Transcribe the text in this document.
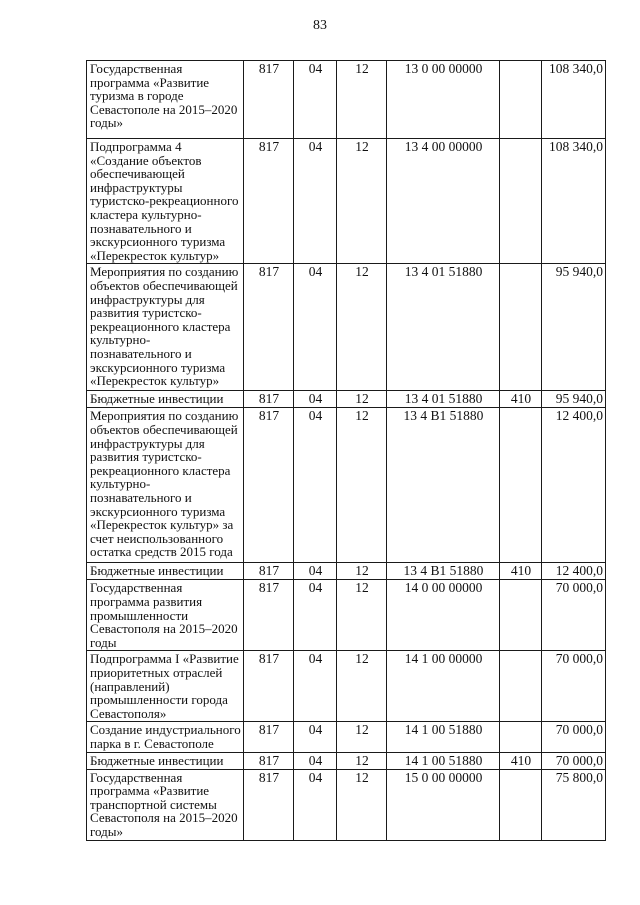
83
Государственная программа «Развитие туризма в городе Севастополе на 2015–2020 годы»	817	04	12	13 0 00 00000		108 340,0
Подпрограмма 4 «Создание объектов обеспечивающей инфраструктуры туристско-рекреационного кластера культурно-познавательного и экскурсионного туризма «Перекресток культур»	817	04	12	13 4 00 00000		108 340,0
Мероприятия по созданию объектов обеспечивающей инфраструктуры для развития туристско-рекреационного кластера культурно-познавательного и экскурсионного туризма «Перекресток культур»	817	04	12	13 4 01 51880		95 940,0
Бюджетные инвестиции	817	04	12	13 4 01 51880	410	95 940,0
Мероприятия по созданию объектов обеспечивающей инфраструктуры для развития туристско-рекреационного кластера культурно-познавательного и экскурсионного туризма «Перекресток культур» за счет неиспользованного остатка средств 2015 года	817	04	12	13 4 В1 51880		12 400,0
Бюджетные инвестиции	817	04	12	13 4 В1 51880	410	12 400,0
Государственная программа развития промышленности Севастополя на 2015–2020 годы	817	04	12	14 0 00 00000		70 000,0
Подпрограмма I «Развитие приоритетных отраслей (направлений) промышленности города Севастополя»	817	04	12	14 1 00 00000		70 000,0
Создание индустриального парка в г. Севастополе	817	04	12	14 1 00 51880		70 000,0
Бюджетные инвестиции	817	04	12	14 1 00 51880	410	70 000,0
Государственная программа «Развитие транспортной системы Севастополя на 2015–2020 годы»	817	04	12	15 0 00 00000		75 800,0
